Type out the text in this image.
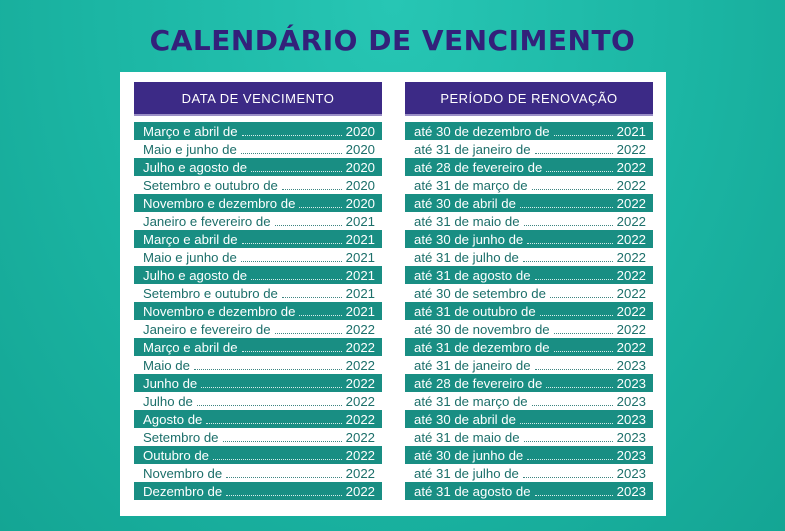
CALENDÁRIO DE VENCIMENTO
DATA DE VENCIMENTO
Março e abril de	2020
Maio e junho de	2020
Julho e agosto de	2020
Setembro e outubro de	2020
Novembro e dezembro de	2020
Janeiro e fevereiro de	2021
Março e abril de	2021
Maio e junho de	2021
Julho e agosto de	2021
Setembro e outubro de	2021
Novembro e dezembro de	2021
Janeiro e fevereiro de	2022
Março e abril de	2022
Maio de	2022
Junho de	2022
Julho de	2022
Agosto de	2022
Setembro de	2022
Outubro de	2022
Novembro de	2022
Dezembro de	2022
PERÍODO DE RENOVAÇÃO
até 30 de dezembro de	2021
até 31 de janeiro de	2022
até 28 de fevereiro de	2022
até 31 de março de	2022
até 30 de abril de	2022
até 31 de maio de	2022
até 30 de junho de	2022
até 31 de julho de	2022
até 31 de agosto de	2022
até 30 de setembro de	2022
até 31 de outubro de	2022
até 30 de novembro de	2022
até 31 de dezembro de	2022
até 31 de janeiro de	2023
até 28 de fevereiro de	2023
até 31 de março de	2023
até 30 de abril de	2023
até 31 de maio de	2023
até 30 de junho de	2023
até 31 de julho de	2023
até 31 de agosto de	2023
